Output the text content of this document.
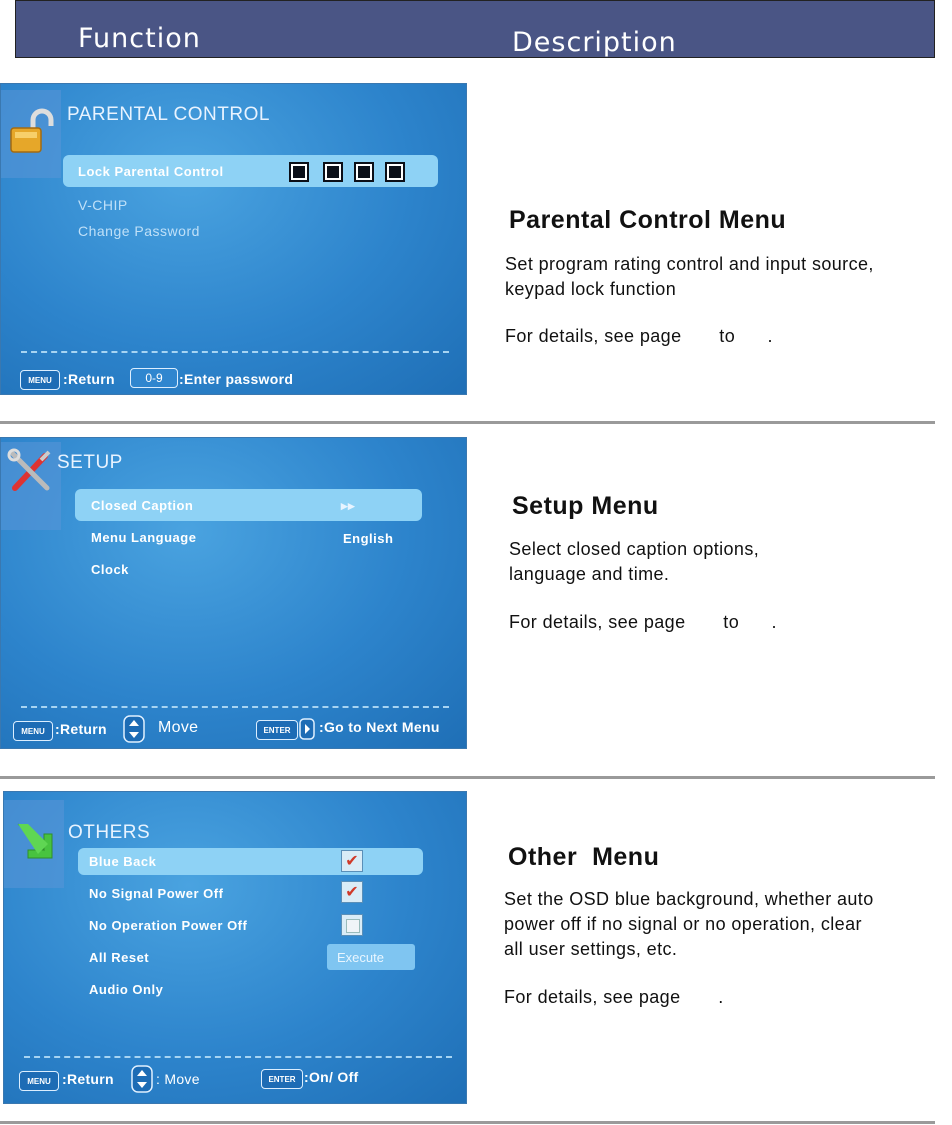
Function	Description
PARENTAL CONTROL
Lock Parental Control
V-CHIP
Change Password
MENU :Return	0-9	:Enter password
Parental Control Menu
Set program rating control and input source,
keypad lock function
For details, see page       to      .
SETUP
Closed Caption	▸▸
Menu Language	English
Clock
MENU :Return	Move	ENTER	:Go to Next Menu
Setup Menu
Select closed caption options,
language and time.
For details, see page       to      .
OTHERS
Blue Back	✔
No Signal Power Off	✔
No Operation Power Off
All Reset
Audio Only
MENU :Return	: Move	ENTER :On/ Off
Execute
Other  Menu
Set the OSD blue background, whether auto
power off if no signal or no operation, clear
all user settings, etc.
For details, see page       .
